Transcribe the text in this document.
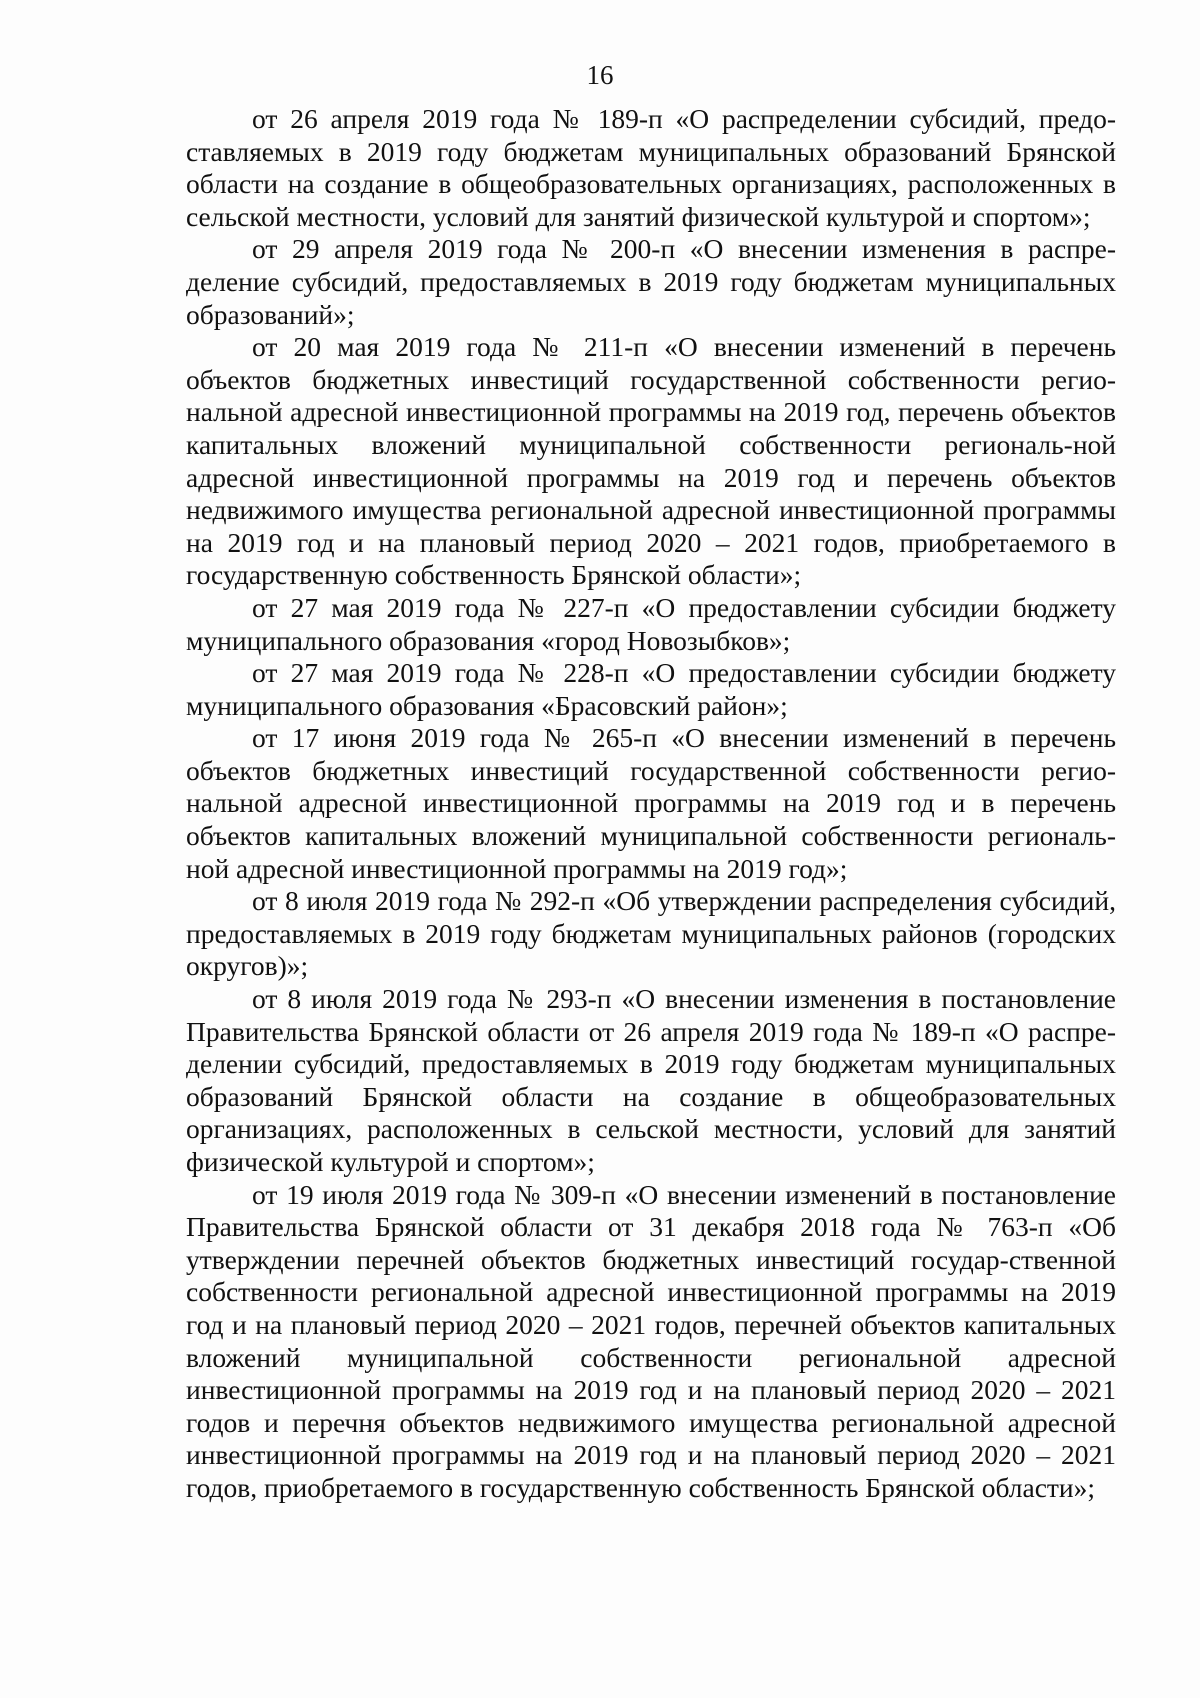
16

от 26 апреля 2019 года № 189-п «О распределении субсидий, предо-ставляемых в 2019 году бюджетам муниципальных образований Брянской области на создание в общеобразовательных организациях, расположенных в сельской местности, условий для занятий физической культурой и спортом»;

от 29 апреля 2019 года № 200-п «О внесении изменения в распре-деление субсидий, предоставляемых в 2019 году бюджетам муниципальных образований»;

от 20 мая 2019 года № 211-п «О внесении изменений в перечень объектов бюджетных инвестиций государственной собственности регио-нальной адресной инвестиционной программы на 2019 год, перечень объектов капитальных вложений муниципальной собственности региональ-ной адресной инвестиционной программы на 2019 год и перечень объектов недвижимого имущества региональной адресной инвестиционной программы на 2019 год и на плановый период 2020 – 2021 годов, приобретаемого в государственную собственность Брянской области»;

от 27 мая 2019 года № 227-п «О предоставлении субсидии бюджету муниципального образования «город Новозыбков»;

от 27 мая 2019 года № 228-п «О предоставлении субсидии бюджету муниципального образования «Брасовский район»;

от 17 июня 2019 года № 265-п «О внесении изменений в перечень объектов бюджетных инвестиций государственной собственности регио-нальной адресной инвестиционной программы на 2019 год и в перечень объектов капитальных вложений муниципальной собственности региональ-ной адресной инвестиционной программы на 2019 год»;

от 8 июля 2019 года № 292-п «Об утверждении распределения субсидий, предоставляемых в 2019 году бюджетам муниципальных районов (городских округов)»;

от 8 июля 2019 года № 293-п «О внесении изменения в постановление Правительства Брянской области от 26 апреля 2019 года № 189-п «О распре-делении субсидий, предоставляемых в 2019 году бюджетам муниципальных образований Брянской области на создание в общеобразовательных организациях, расположенных в сельской местности, условий для занятий физической культурой и спортом»;

от 19 июля 2019 года № 309-п «О внесении изменений в постановление Правительства Брянской области от 31 декабря 2018 года № 763-п «Об утверждении перечней объектов бюджетных инвестиций государ-ственной собственности региональной адресной инвестиционной программы на 2019 год и на плановый период 2020 – 2021 годов, перечней объектов капитальных вложений муниципальной собственности региональной адресной инвестиционной программы на 2019 год и на плановый период 2020 – 2021 годов и перечня объектов недвижимого имущества региональной адресной инвестиционной программы на 2019 год и на плановый период 2020 – 2021 годов, приобретаемого в государственную собственность Брянской области»;
